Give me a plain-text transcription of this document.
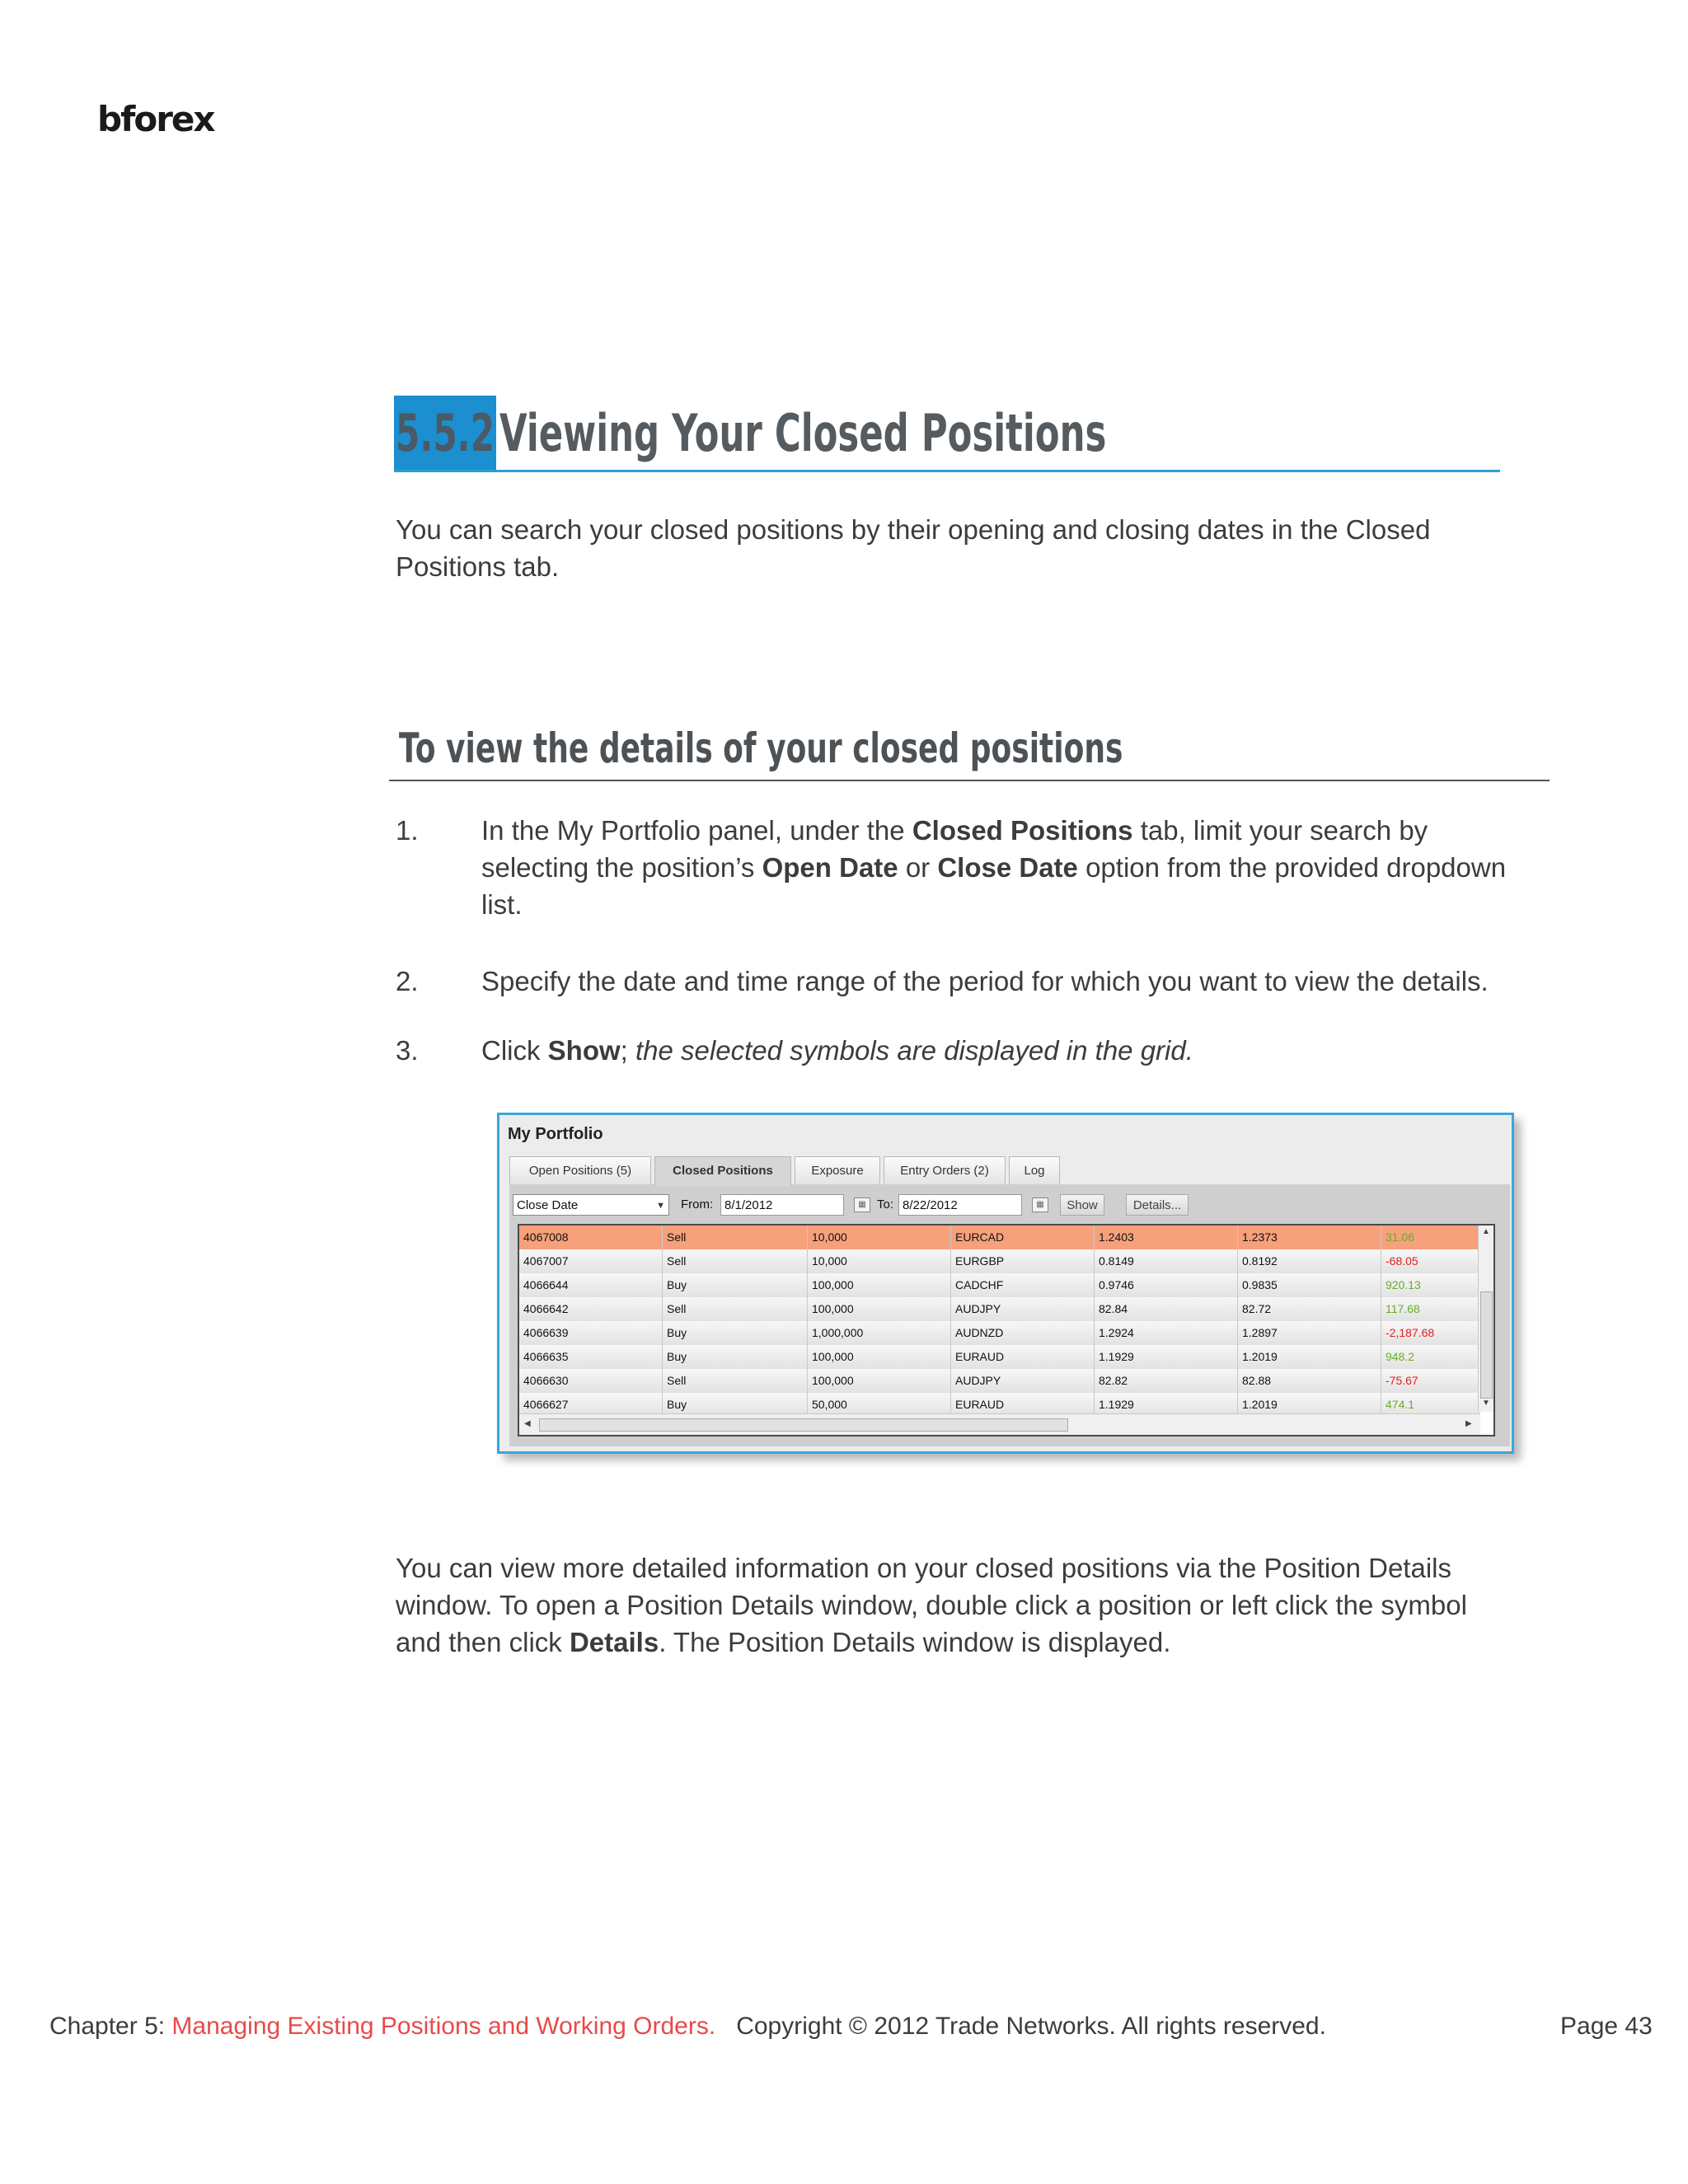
bforex
5.5.2 Viewing Your Closed Positions
You can search your closed positions by their opening and closing dates in the Closed Positions tab.
To view the details of your closed positions
1. In the My Portfolio panel, under the Closed Positions tab, limit your search by selecting the position’s Open Date or Close Date option from the provided dropdown list.
2. Specify the date and time range of the period for which you want to view the details.
3. Click Show; the selected symbols are displayed in the grid.
My Portfolio
Open Positions (5)	Closed Positions	Exposure	Entry Orders (2)	Log
Close Date	▼ From: 8/1/2012	▦ To: 8/22/2012	▦	Show	Details...
4067008	Sell	10,000	EURCAD	1.2403	1.2373	31.06
4067007	Sell	10,000	EURGBP	0.8149	0.8192	-68.05
4066644	Buy	100,000	CADCHF	0.9746	0.9835	920.13
4066642	Sell	100,000	AUDJPY	82.84	82.72	117.68
4066639	Buy	1,000,000	AUDNZD	1.2924	1.2897	-2,187.68
4066635	Buy	100,000	EURAUD	1.1929	1.2019	948.2
4066630	Sell	100,000	AUDJPY	82.82	82.88	-75.67
4066627	Buy	50,000	EURAUD	1.1929	1.2019	474.1
▲
▼
◀	▶
You can view more detailed information on your closed positions via the Position Details window. To open a Position Details window, double click a position or left click the symbol and then click Details. The Position Details window is displayed.
Chapter 5: Managing Existing Positions and Working Orders. Copyright © 2012 Trade Networks. All rights reserved.	Page 43
